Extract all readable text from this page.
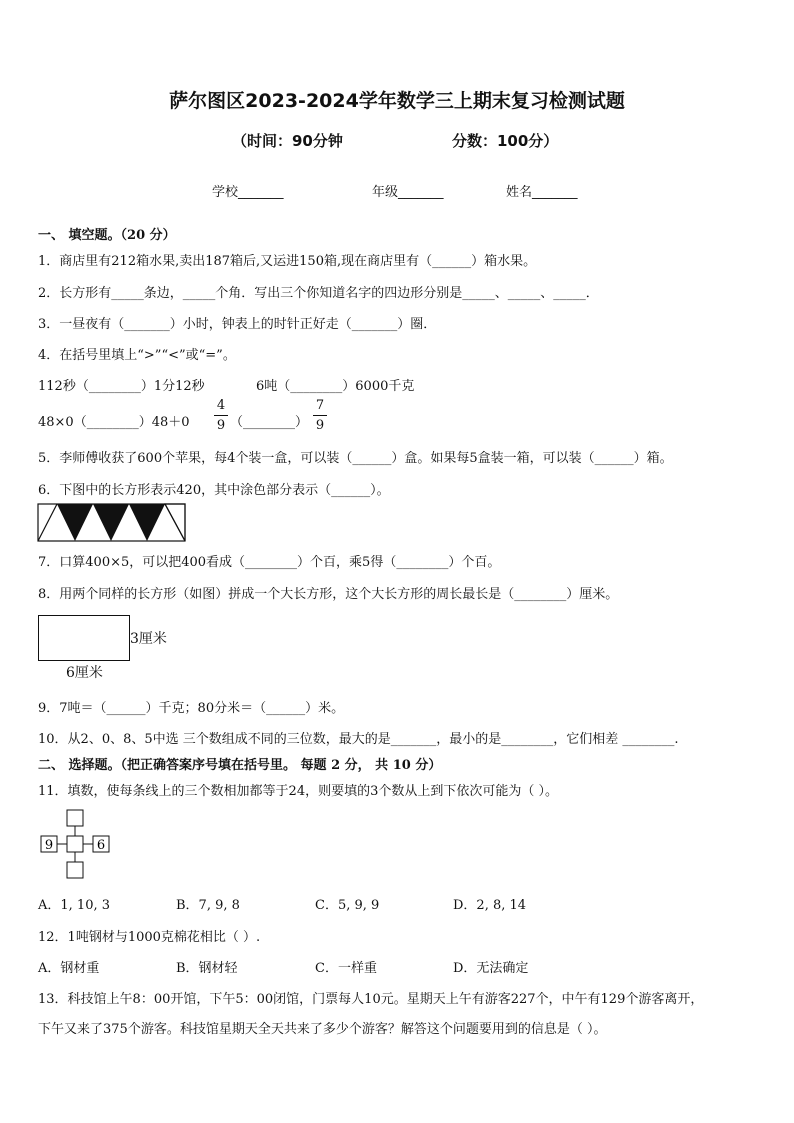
萨尔图区2023-2024学年数学三上期末复习检测试题
（时间：90分钟	分数：100分）
学校_______	年级_______	姓名_______
一、 填空题。（20 分）
1．商店里有212箱水果,卖出187箱后,又运进150箱,现在商店里有（______）箱水果。
2．长方形有_____条边，_____个角．写出三个你知道名字的四边形分别是_____、_____、_____．
3．一昼夜有（_______）小时，钟表上的时针正好走（_______）圈．
4．在括号里填上“>”“<”或“=”。
112秒（________）1分12秒	6吨（________）6000千克
48×0（________）48＋0
4
9 （________）
7
9
5．李师傅收获了600个苹果，每4个装一盒，可以装（______）盒。如果每5盒装一箱，可以装（______）箱。
6．下图中的长方形表示420，其中涂色部分表示（______）。
7．口算400×5，可以把400看成（________）个百，乘5得（________）个百。
8．用两个同样的长方形（如图）拼成一个大长方形，这个大长方形的周长最长是（________）厘米。
3厘米
6厘米
9．7吨＝（______）千克；80分米＝（______）米。
10．从2、0、8、5中选 三个数组成不同的三位数，最大的是_______，最小的是________，它们相差 ________.
二、 选择题。（把正确答案序号填在括号里。 每题 2 分， 共 10 分）
11．填数，使每条线上的三个数相加都等于24，则要填的3个数从上到下依次可能为（ ）。
9	6
A．1, 10, 3	B．7, 9, 8	C．5, 9, 9	D．2, 8, 14
12．1吨钢材与1000克棉花相比（ ）.
A．钢材重	B．钢材轻	C．一样重	D．无法确定
13．科技馆上午8：00开馆，下午5：00闭馆，门票每人10元。星期天上午有游客227个，中午有129个游客离开，
下午又来了375个游客。科技馆星期天全天共来了多少个游客？解答这个问题要用到的信息是（ ）。
